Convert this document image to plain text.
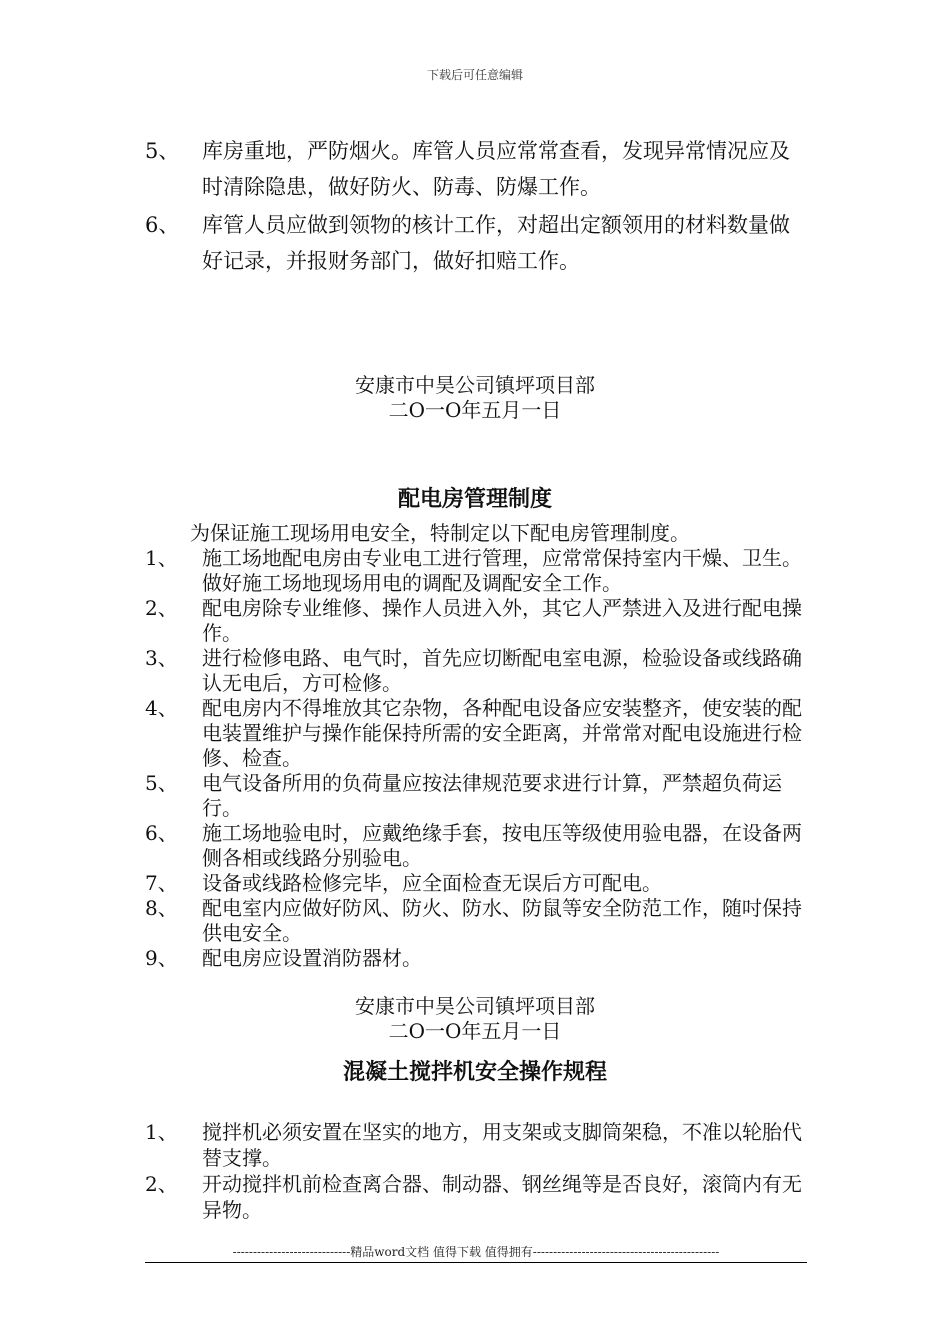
下载后可任意编辑
5、 库房重地，严防烟火。库管人员应常常查看，发现异常情况应及时清除隐患，做好防火、防毒、防爆工作。
6、 库管人员应做到领物的核计工作，对超出定额领用的材料数量做好记录，并报财务部门，做好扣赔工作。
安康市中昊公司镇坪项目部
二O一O年五月一日
配电房管理制度
为保证施工现场用电安全，特制定以下配电房管理制度。
1、 施工场地配电房由专业电工进行管理，应常常保持室内干燥、卫生。做好施工场地现场用电的调配及调配安全工作。
2、 配电房除专业维修、操作人员进入外，其它人严禁进入及进行配电操作。
3、 进行检修电路、电气时，首先应切断配电室电源，检验设备或线路确认无电后，方可检修。
4、 配电房内不得堆放其它杂物，各种配电设备应安装整齐，使安装的配电装置维护与操作能保持所需的安全距离，并常常对配电设施进行检修、检查。
5、 电气设备所用的负荷量应按法律规范要求进行计算，严禁超负荷运行。
6、 施工场地验电时，应戴绝缘手套，按电压等级使用验电器，在设备两侧各相或线路分别验电。
7、 设备或线路检修完毕，应全面检查无误后方可配电。
8、 配电室内应做好防风、防火、防水、防鼠等安全防范工作，随吋保持供电安全。
9、 配电房应设置消防器材。
安康市中昊公司镇坪项目部
二O一O年五月一日
混凝土搅拌机安全操作规程
1、 搅拌机必须安置在坚实的地方，用支架或支脚筒架稳，不准以轮胎代替支撑。
2、 开动搅拌机前检查离合器、制动器、钢丝绳等是否良好，滚筒内有无异物。
-----------------------------精品word文档 值得下载 值得拥有----------------------------------------------
